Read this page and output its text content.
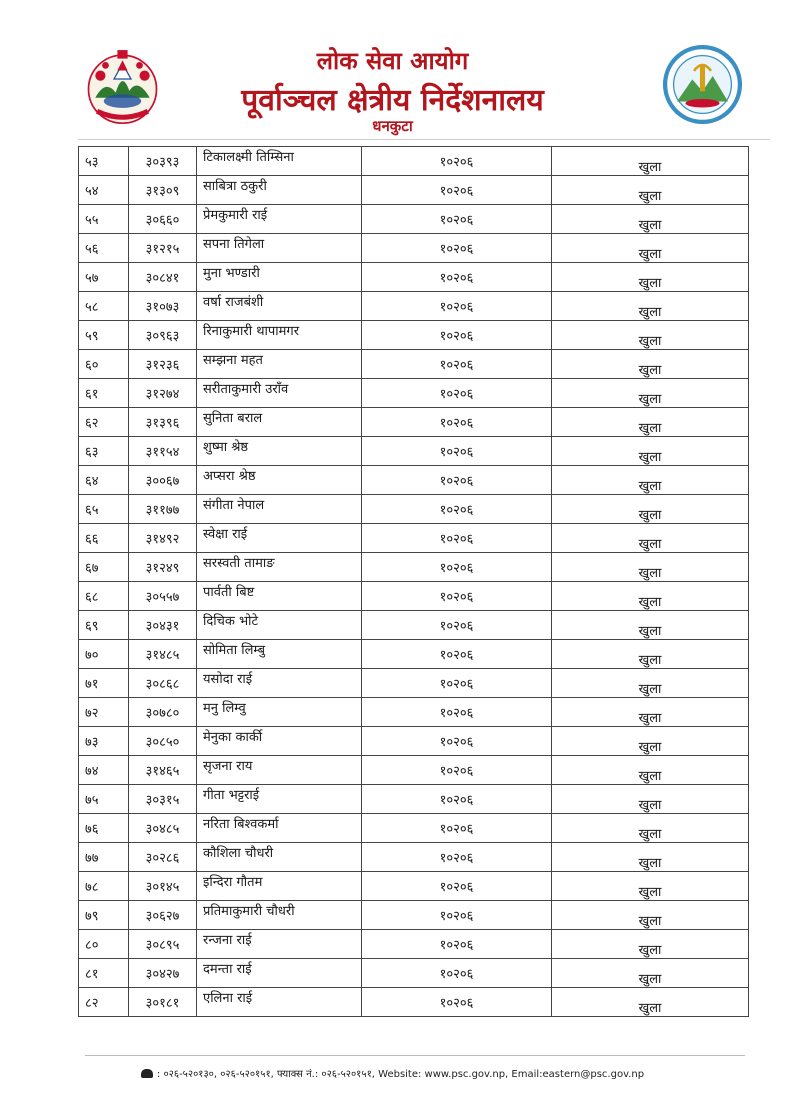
लोक सेवा आयोग
पूर्वाञ्चल क्षेत्रीय निर्देशनालय
धनकुटा
५३	३०३९३	टिकालक्ष्मी तिम्सिना	१०२०६	खुला
५४	३१३०९	साबित्रा ठकुरी	१०२०६	खुला
५५	३०६६०	प्रेमकुमारी राई	१०२०६	खुला
५६	३१२१५	सपना तिगेला	१०२०६	खुला
५७	३०८४१	मुना भण्डारी	१०२०६	खुला
५८	३१०७३	वर्षा राजबंशी	१०२०६	खुला
५९	३०९६३	रिनाकुमारी थापामगर	१०२०६	खुला
६०	३१२३६	सम्झना महत	१०२०६	खुला
६१	३१२७४	सरीताकुमारी उराँव	१०२०६	खुला
६२	३१३९६	सुनिता बराल	१०२०६	खुला
६३	३११५४	शुष्मा श्रेष्ठ	१०२०६	खुला
६४	३००६७	अप्सरा श्रेष्ठ	१०२०६	खुला
६५	३११७७	संगीता नेपाल	१०२०६	खुला
६६	३१४९२	स्वेक्षा राई	१०२०६	खुला
६७	३१२४९	सरस्वती तामाङ	१०२०६	खुला
६८	३०५५७	पार्वती बिष्ट	१०२०६	खुला
६९	३०४३१	दिचिक भोटे	१०२०६	खुला
७०	३१४८५	सोमिता लिम्बु	१०२०६	खुला
७१	३०८६८	यसोदा राई	१०२०६	खुला
७२	३०७८०	मनु लिम्वु	१०२०६	खुला
७३	३०८५०	मेनुका कार्की	१०२०६	खुला
७४	३१४६५	सृजना राय	१०२०६	खुला
७५	३०३१५	गीता भट्टराई	१०२०६	खुला
७६	३०४८५	नरिता बिश्वकर्मा	१०२०६	खुला
७७	३०२८६	कौशिला चौधरी	१०२०६	खुला
७८	३०१४५	इन्दिरा गौतम	१०२०६	खुला
७९	३०६२७	प्रतिमाकुमारी चौधरी	१०२०६	खुला
८०	३०८९५	रन्जना राई	१०२०६	खुला
८१	३०४२७	दमन्ता राई	१०२०६	खुला
८२	३०१८१	एलिना राई	१०२०६	खुला
: ०२६-५२०१३०, ०२६-५२०१५१, फ्याक्स नं.: ०२६-५२०१५१, Website: www.psc.gov.np, Email:eastern@psc.gov.np
